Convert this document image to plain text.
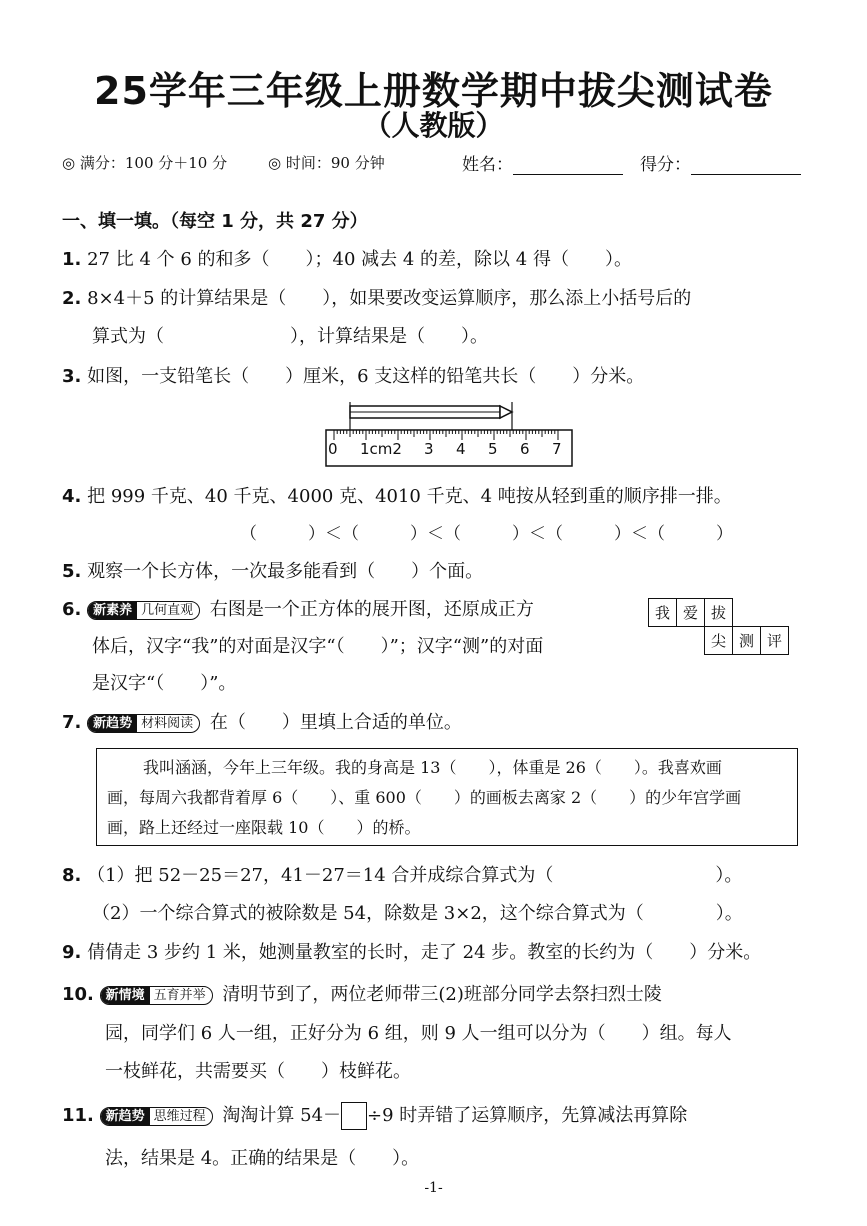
25学年三年级上册数学期中拔尖测试卷
（人教版）
◎ 满分：100 分＋10 分	◎ 时间：90 分钟	姓名：	得分：
一、填一填。（每空 1 分，共 27 分）
1. 27 比 4 个 6 的和多（　　）；40 减去 4 的差，除以 4 得（　　）。
2. 8×4＋5 的计算结果是（　　），如果要改变运算顺序，那么添上小括号后的
算式为（　　　　　　　），计算结果是（　　）。
3. 如图，一支铅笔长（　　）厘米，6 支这样的铅笔共长（　　）分米。
0 1cm2 3 4 5 6 7
4. 把 999 千克、40 千克、4000 克、4010 千克、4 吨按从轻到重的顺序排一排。
（　　　）＜（　　　）＜（　　　）＜（　　　）＜（　　　）
5. 观察一个长方体，一次最多能看到（　　）个面。
6. 新素养 几何直观 右图是一个正方体的展开图，还原成正方
体后，汉字“我”的对面是汉字“（　　）”；汉字“测”的对面
是汉字“（　　）”。
我	爱	拔		
		尖	测	评
7. 新趋势 材料阅读 在（　　）里填上合适的单位。
我叫涵涵，今年上三年级。我的身高是 13（　　），体重是 26（　　）。我喜欢画
画，每周六我都背着厚 6（　　）、重 600（　　）的画板去离家 2（　　）的少年宫学画
画，路上还经过一座限载 10（　　）的桥。
8. （1）把 52－25＝27，41－27＝14 合并成综合算式为（　　　　　　　　　）。
（2）一个综合算式的被除数是 54，除数是 3×2，这个综合算式为（　　　　）。
9. 倩倩走 3 步约 1 米，她测量教室的长时，走了 24 步。教室的长约为（　　）分米。
10. 新情境 五育并举 清明节到了，两位老师带三(2)班部分同学去祭扫烈士陵
园，同学们 6 人一组，正好分为 6 组，则 9 人一组可以分为（　　）组。每人
一枝鲜花，共需要买（　　）枝鲜花。
11. 新趋势 思维过程 淘淘计算 54－ ÷9 时弄错了运算顺序，先算减法再算除
法，结果是 4。正确的结果是（　　）。
-1-
